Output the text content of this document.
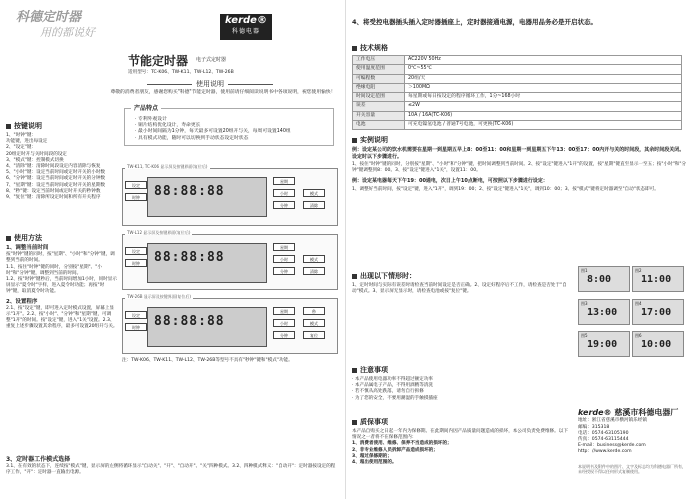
科德定时器
用的都说好
kerde®
科德电器
节能定时器 电子式定时器
适用型号：TC-K06、TW-K11、TW-L12、TW-26B
使用说明
尊敬的消费者朋友，感谢您购买"科德"节能定时器，使用前请仔细阅读说明书中各项说明，祝您使用愉快！
产品特点
· 专利外观设计
· 铜片结构优化设计，寿命更长
· 最小时间间隔为1分钟，每天最多可设置20组开与关，每周可设置140组
· 具有模式功能，随时可以切换到手动状态设定时状态
按键说明
1、"时钟"键：
功能键，进出每设定
2、"设定"键：
20组定时开与关时间段的设定
3、"模式"键：控制模式切换
4、"清除"键：清除时间段设定内容清除与恢复
5、"小时"键：设定当前时间或定时开关的小时数
6、"分钟"键：设定当前时间或定时开关的分钟数
7、"星期"键：设定当前时间或定时开关的星期数
8、"秒"键：设定当前时间或定时开关的秒钟数
9、"复位"键：清除所设定时间和所有开关程序
使用方法
1、调整当前时间
按"时钟"键的同时，按"星期"、"小时"和"分钟"键，调整到当前的时间。
1.1、按住"时钟"键的同时，分别按"星期"、"小时"和"分钟"键，调整到当前的时间。
1.2、按"时钟"键秒后，当前时间增加1小时，同时显示屏显示"夏令时"字样，进入夏令时功能；再按"时钟"键，取消夏令时功能。
2、设置程序
2.1、按"设定"键，即可进入定时模式设置，屏幕上显示"1开"。2.2、按"小时"、"分钟"和"星期"键，可调整"1开"的时间。按"设定"键，进入"1关"设置。2.3、重复上述步骤设置其余程序，最多可设置20组开与关。
TW-K11, TC-K06 显示屏及按键界面(复位后)
88:88:88
设定
时钟
星期
小时
分钟
模式
清除
TW-L12 显示屏及按键界面(复位后)
88:88:88
设定
时钟
星期
小时
分钟
模式
清除
TW-26B 显示屏及按键界面(复位后)
88:88:88
设定
时钟
星期
小时
分钟
秒
模式
复位
注：TW-K06、TW-K11、TW-L12、TW-26B等型号不具有"秒钟"键和"模式"功能。
3、定时器工作模式选择
3.1、在有效的状态下，连续按"模式"键，显示屏的左侧将循环显示"自动关"、"开"、"自动开"、"关"四种模式。3.2、四种模式释义："自动开"：定时器按设定的程序工作，"开"：定时器一直输出电源。
4、将受控电器插头插入定时器插座上，定时器接通电源，电器用品务必是开启状态。
技术规格
工作电压	AC220V 50Hz
使用温度范围	0℃~55℃
可编程数	20组/天
绝缘电阻	＞100MΩ
时间设定范围	每星期或每日按设定的程序循环工作，1分~168小时
误差	≤2W
开关容量	10A / 16A(TC-K06)
电池	可充电镍氢电池 / 普通7号电池，可更换(TC-K06)
实例说明
例：设定某公司的饮水机需要在星期一到星期五早上8：00至11：00和星期一到星期五下午13：00至17：00内开与关的时间段，其余时间段关闭。设定时以下步骤进行。
1、按住"时钟"键的同时，分别按"星期"、"小时"和"分钟"键，把时间调整到当前时间。2、按"设定"键进入"1开"的设置，按"星期"键直至显示一至五；按"小时"和"分钟"键调整到8：00。3、按"设定"键进入"1关"，设置11：00。
例：设定某电器每天下午19：00通电，次日上午10点断电，可按照以下步骤进行设定：
1、调整好当前时间，按"设定"键，进入"1开"，调到19：00；2、按"设定"键进入"1关"，调到10：00；3、按"模式"键将定时器调至"自动"状态即可。
出现以下情形时：
1、定时时间与实际有误差时请检查当前时间设定是否正确。2、设定好程序后不工作，请检查是否处于"自动"模式。3、显示屏无显示时，请检查电池或按"复位"键。
图1
8:00
图2
11:00

图3
13:00
图4
17:00

图5
19:00
图6
10:00
注意事项
· 本产品使用电器功率不得超过额定功率
· 本产品属电子产品，不得用酒精等清洗
· 若不慎从高处跌落，请勿自行拆修
· 为了您的安全，不要用潮湿的手触摸插座
质保事项
本产品自购买之日起一年内为保修期。在此期间内因产品质量问题造成的损坏，本公司负责免费维修。以下情况之一者将不在保修范围内：
1、消费者使用、维修、保养不当造成的损坏的；
2、非专业维修人员拆卸产品造成损坏的；
3、超过保修期的；
4、超出使用范围的。
kerde® 慈溪市科德电器厂
地址：浙江省慈溪市横河镇乐经镇
邮编：315318
电话：0574-63105190
传真：0574-63115444
E-mail：business@kerde.com
http：//www.kerde.com
本说明书及附件中的图片、文字及标志均为科德电器厂所有，未经授权不得以任何形式复制使用。
